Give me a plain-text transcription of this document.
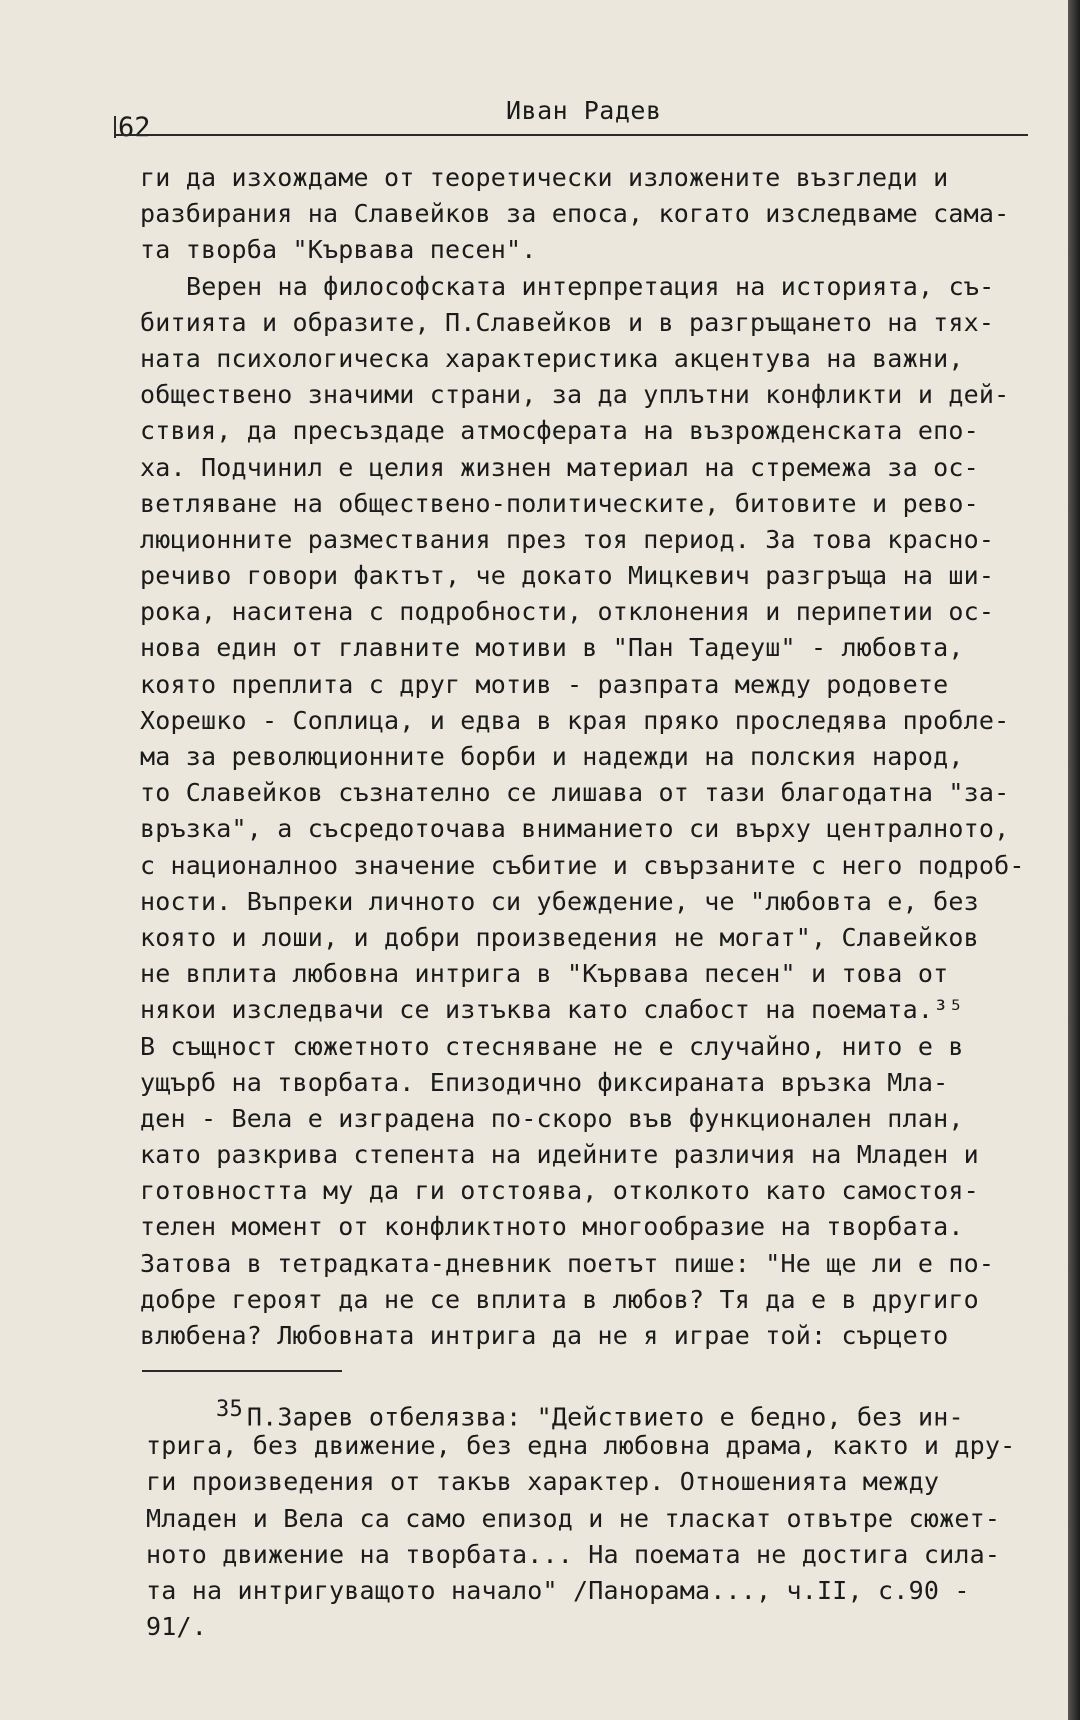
62
Иван Радев
ги да изхождаме от теоретически изложените възгледи и
разбирания на Славейков за епоса, когато изследваме сама-
та творба "Кървава песен".
Верен на философската интерпретация на историята, съ-
битията и образите, П.Славейков и в разгръщането на тях-
ната психологическа характеристика акцентува на важни,
обществено значими страни, за да уплътни конфликти и дей-
ствия, да пресъздаде атмосферата на възрожденската епо-
ха. Подчинил е целия жизнен материал на стремежа за ос-
ветляване на обществено-политическите, битовите и рево-
люционните размествания през тоя период. За това красно-
речиво говори фактът, че докато Мицкевич разгръща на ши-
рока, наситена с подробности, отклонения и перипетии ос-
нова един от главните мотиви в "Пан Тадеуш" - любовта,
която преплита с друг мотив - разпрата между родовете
Хорешко - Соплица, и едва в края пряко проследява пробле-
ма за революционните борби и надежди на полския народ,
то Славейков съзнателно се лишава от тази благодатна "за-
връзка", а съсредоточава вниманието си върху централното,
с националноо значение събитие и свързаните с него подроб-
ности. Въпреки личното си убеждение, че "любовта е, без
която и лоши, и добри произведения не могат", Славейков
не вплита любовна интрига в "Кървава песен" и това от
някои изследвачи се изтъква като слабост на поемата.³⁵
В същност сюжетното стесняване не е случайно, нито е в
ущърб на творбата. Епизодично фиксираната връзка Мла-
ден - Вела е изградена по-скоро във функционален план,
като разкрива степента на идейните различия на Младен и
готовността му да ги отстоява, отколкото като самостоя-
телен момент от конфликтното многообразие на творбата.
Затова в тетрадката-дневник поетът пише: "Не ще ли е по-
добре героят да не се вплита в любов? Тя да е в другиго
влюбена? Любовната интрига да не я играе той: сърцето
35 П.Зарев отбелязва: "Действието е бедно, без ин-
трига, без движение, без една любовна драма, както и дру-
ги произведения от такъв характер. Отношенията между
Младен и Вела са само епизод и не тласкат отвътре сюжет-
ното движение на творбата... На поемата не достига сила-
та на интригуващото начало" /Панорама..., ч.II, с.90 -
91/.
